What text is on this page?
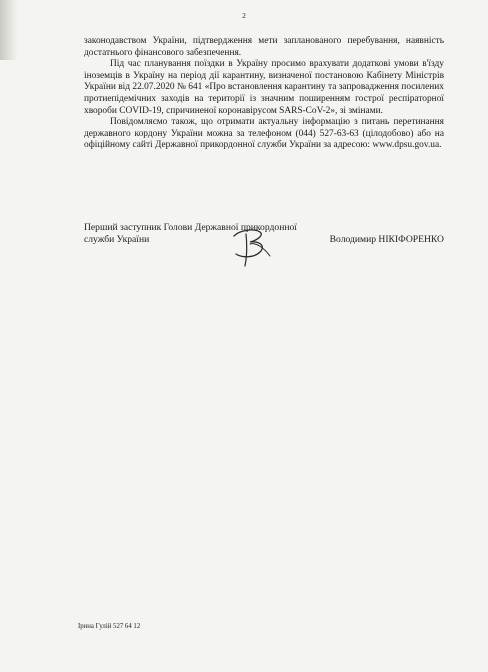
2

законодавством України, підтвердження мети запланованого перебування, наявність достатнього фінансового забезпечення.

Під час планування поїздки в Україну просимо врахувати додаткові умови в'їзду іноземців в Україну на період дії карантину, визначеної постановою Кабінету Міністрів України від 22.07.2020 № 641 «Про встановлення карантину та запровадження посилених протиепідемічних заходів на території із значним поширенням гострої респіраторної хвороби COVID-19, спричиненої коронавірусом SARS-CoV-2», зі змінами.

Повідомляємо також, що отримати актуальну інформацію з питань перетинання державного кордону України можна за телефоном (044) 527-63-63 (цілодобово) або на офіційному сайті Державної прикордонної служби України за адресою: www.dpsu.gov.ua.

Перший заступник Голови Державної прикордонної
служби України	Володимир НІКІФОРЕНКО
Ірина Гулій 527 64 12
